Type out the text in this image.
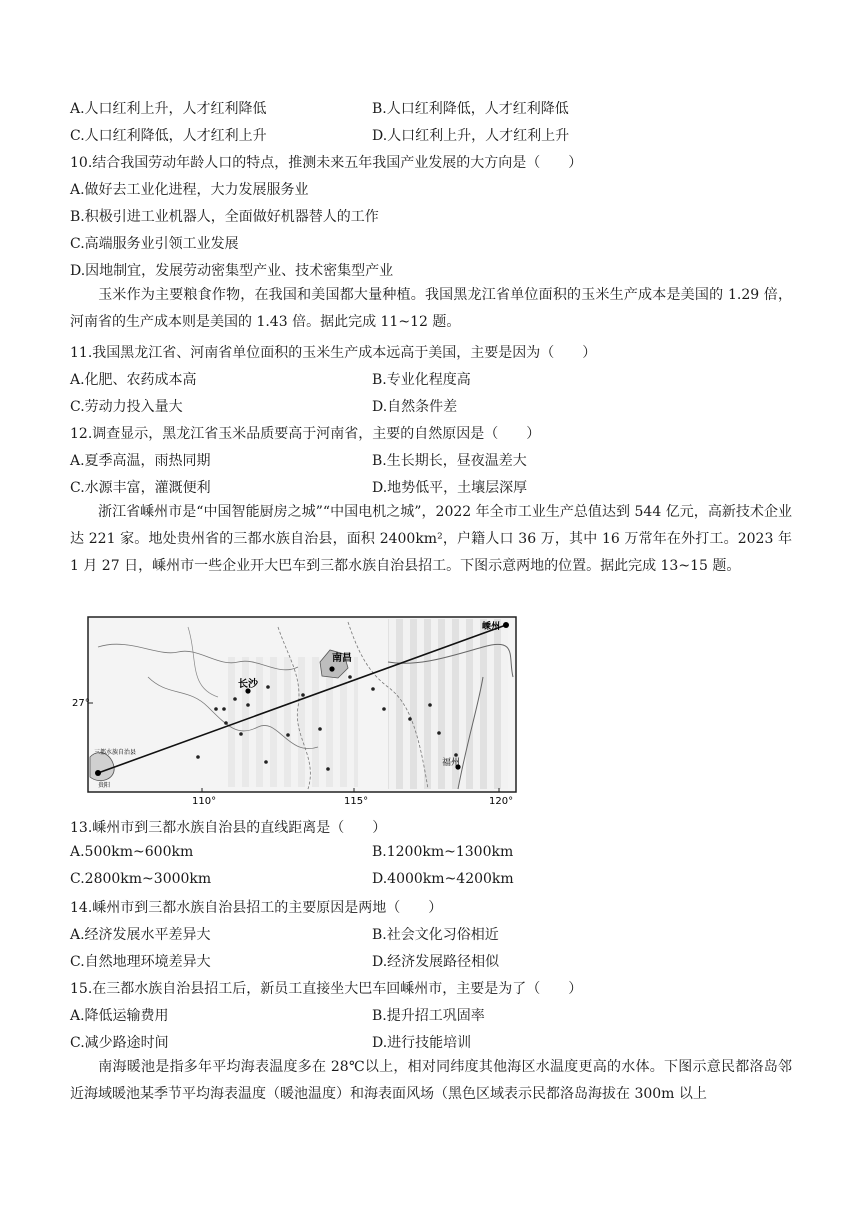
A.人口红利上升，人才红利降低	B.人口红利降低，人才红利降低
C.人口红利降低，人才红利上升	D.人口红利上升，人才红利上升
10.结合我国劳动年龄人口的特点，推测未来五年我国产业发展的大方向是（　　）
A.做好去工业化进程，大力发展服务业
B.积极引进工业机器人，全面做好机器替人的工作
C.高端服务业引领工业发展
D.因地制宜，发展劳动密集型产业、技术密集型产业
玉米作为主要粮食作物，在我国和美国都大量种植。我国黑龙江省单位面积的玉米生产成本是美国的 1.29 倍，河南省的生产成本则是美国的 1.43 倍。据此完成 11~12 题。
11.我国黑龙江省、河南省单位面积的玉米生产成本远高于美国，主要是因为（　　）
A.化肥、农药成本高	B.专业化程度高
C.劳动力投入量大	D.自然条件差
12.调查显示，黑龙江省玉米品质要高于河南省，主要的自然原因是（　　）
A.夏季高温，雨热同期	B.生长期长，昼夜温差大
C.水源丰富，灌溉便利	D.地势低平，土壤层深厚
浙江省嵊州市是“中国智能厨房之城”“中国电机之城”，2022 年全市工业生产总值达到 544 亿元，高新技术企业达 221 家。地处贵州省的三都水族自治县，面积 2400km²，户籍人口 36 万，其中 16 万常年在外打工。2023 年 1 月 27 日，嵊州市一些企业开大巴车到三都水族自治县招工。下图示意两地的位置。据此完成 13~15 题。
长沙
南昌
福州
嵊州
三都水族自治县
贵阳
27°
110°	115°	120°
13.嵊州市到三都水族自治县的直线距离是（　　）
A.500km~600km	B.1200km~1300km
C.2800km~3000km	D.4000km~4200km
14.嵊州市到三都水族自治县招工的主要原因是两地（　　）
A.经济发展水平差异大	B.社会文化习俗相近
C.自然地理环境差异大	D.经济发展路径相似
15.在三都水族自治县招工后，新员工直接坐大巴车回嵊州市，主要是为了（　　）
A.降低运输费用	B.提升招工巩固率
C.减少路途时间	D.进行技能培训
南海暖池是指多年平均海表温度多在 28℃以上，相对同纬度其他海区水温度更高的水体。下图示意民都洛岛邻近海域暖池某季节平均海表温度（暖池温度）和海表面风场（黑色区域表示民都洛岛海拔在 300m 以上
